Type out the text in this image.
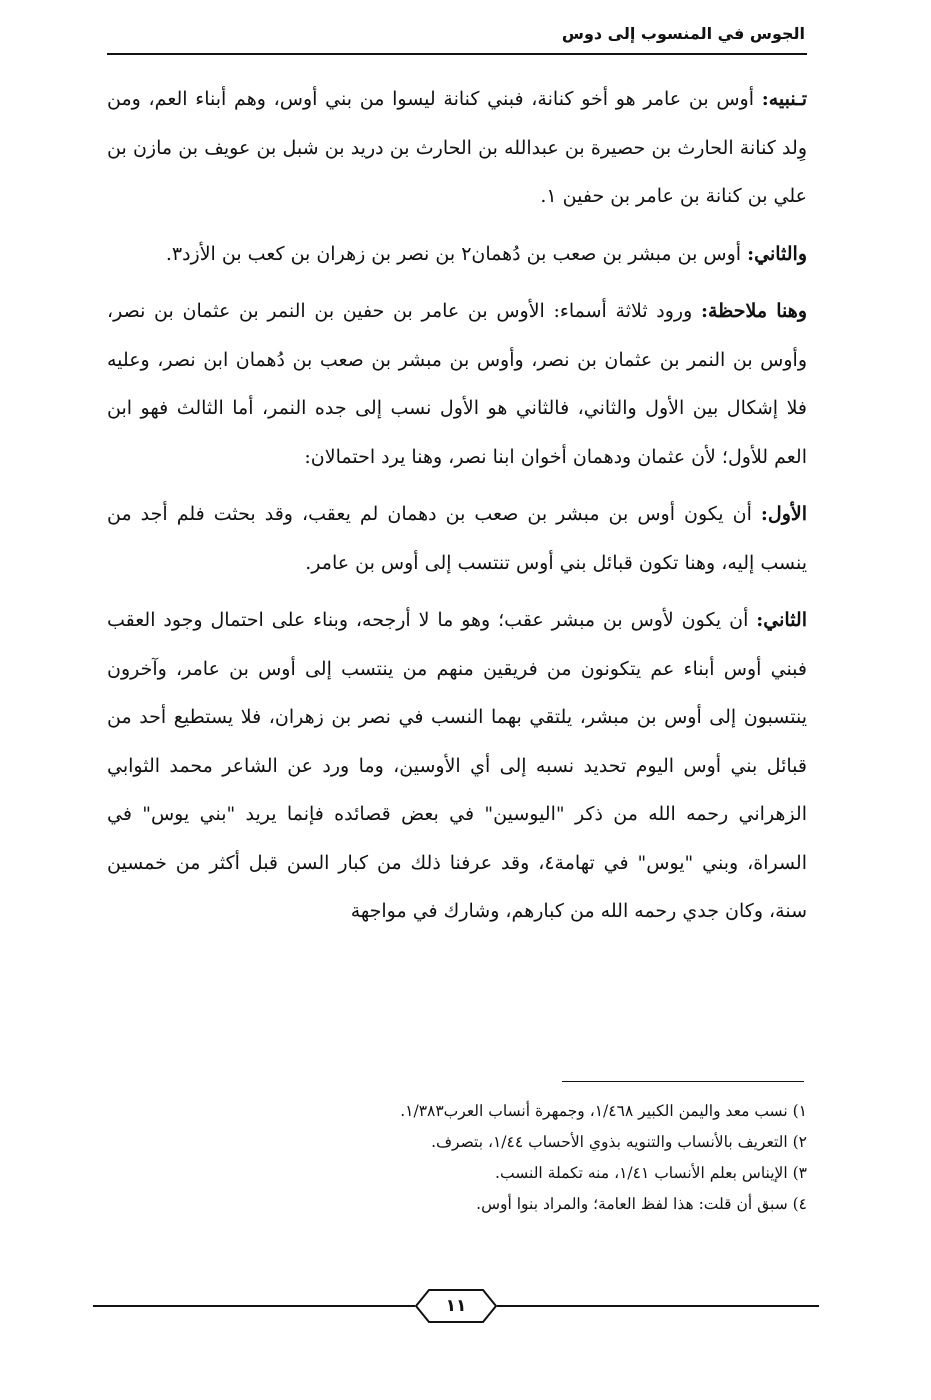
الجوس في المنسوب إلى دوس

تـنبيه: أوس بن عامر هو أخو كنانة، فبني كنانة ليسوا من بني أوس، وهم أبناء العم، ومن وِلد كنانة الحارث بن حصيرة بن عبدالله بن الحارث بن دريد بن شبل بن عويف بن مازن بن علي بن كنانة بن عامر بن حفين ١.

والثاني: أوس بن مبشر بن صعب بن دُهمان٢ بن نصر بن زهران بن كعب بن الأزد٣.

وهنا ملاحظة: ورود ثلاثة أسماء: الأوس بن عامر بن حفين بن النمر بن عثمان بن نصر، وأوس بن النمر بن عثمان بن نصر، وأوس بن مبشر بن صعب بن دُهمان ابن نصر، وعليه فلا إشكال بين الأول والثاني، فالثاني هو الأول نسب إلى جده النمر، أما الثالث فهو ابن العم للأول؛ لأن عثمان ودهمان أخوان ابنا نصر، وهنا يرد احتمالان:

الأول: أن يكون أوس بن مبشر بن صعب بن دهمان لم يعقب، وقد بحثت فلم أجد من ينسب إليه، وهنا تكون قبائل بني أوس تنتسب إلى أوس بن عامر.

الثاني: أن يكون لأوس بن مبشر عقب؛ وهو ما لا أرجحه، وبناء على احتمال وجود العقب فبني أوس أبناء عم يتكونون من فريقين منهم من ينتسب إلى أوس بن عامر، وآخرون ينتسبون إلى أوس بن مبشر، يلتقي بهما النسب في نصر بن زهران، فلا يستطيع أحد من قبائل بني أوس اليوم تحديد نسبه إلى أي الأوسين، وما ورد عن الشاعر محمد الثوابي الزهراني رحمه الله من ذكر "اليوسين" في بعض قصائده فإنما يريد "بني يوس" في السراة، وبني "يوس" في تهامة٤، وقد عرفنا ذلك من كبار السن قبل أكثر من خمسين سنة، وكان جدي رحمه الله من كبارهم، وشارك في مواجهة

١) نسب معد واليمن الكبير ١/٤٦٨، وجمهرة أنساب العرب١/٣٨٣.

٢) التعريف بالأنساب والتنويه بذوي الأحساب ١/٤٤، بتصرف.

٣) الإيناس بعلم الأنساب ١/٤١، منه تكملة النسب.

٤) سبق أن قلت: هذا لفظ العامة؛ والمراد بنوا أوس.

١١
